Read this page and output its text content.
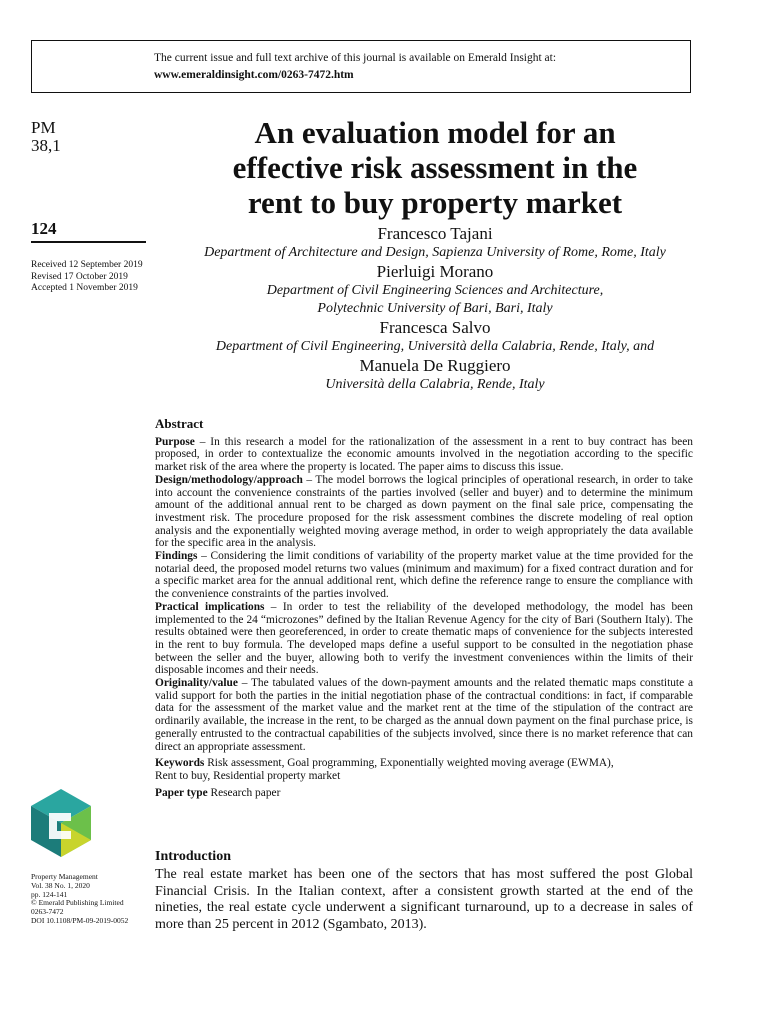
The current issue and full text archive of this journal is available on Emerald Insight at:
www.emeraldinsight.com/0263-7472.htm
PM
38,1
124
Received 12 September 2019
Revised 17 October 2019
Accepted 1 November 2019
An evaluation model for an
effective risk assessment in the
rent to buy property market
Francesco Tajani
Department of Architecture and Design, Sapienza University of Rome, Rome, Italy
Pierluigi Morano
Department of Civil Engineering Sciences and Architecture,
Polytechnic University of Bari, Bari, Italy
Francesca Salvo
Department of Civil Engineering, Università della Calabria, Rende, Italy, and
Manuela De Ruggiero
Università della Calabria, Rende, Italy
Abstract

Purpose – In this research a model for the rationalization of the assessment in a rent to buy contract has been proposed, in order to contextualize the economic amounts involved in the negotiation according to the specific market risk of the area where the property is located. The paper aims to discuss this issue.

Design/methodology/approach – The model borrows the logical principles of operational research, in order to take into account the convenience constraints of the parties involved (seller and buyer) and to determine the minimum amount of the additional annual rent to be charged as down payment on the final sale price, compensating the investment risk. The procedure proposed for the risk assessment combines the discrete modeling of real option analysis and the exponentially weighted moving average method, in order to weigh appropriately the data available for the specific area in the analysis.

Findings – Considering the limit conditions of variability of the property market value at the time provided for the notarial deed, the proposed model returns two values (minimum and maximum) for a fixed contract duration and for a specific market area for the annual additional rent, which define the reference range to ensure the compliance with the convenience constraints of the parties involved.

Practical implications – In order to test the reliability of the developed methodology, the model has been implemented to the 24 “microzones” defined by the Italian Revenue Agency for the city of Bari (Southern Italy). The results obtained were then georeferenced, in order to create thematic maps of convenience for the subjects interested in the rent to buy formula. The developed maps define a useful support to be consulted in the negotiation phase between the seller and the buyer, allowing both to verify the investment conveniences within the limits of their disposable incomes and their needs.

Originality/value – The tabulated values of the down-payment amounts and the related thematic maps constitute a valid support for both the parties in the initial negotiation phase of the contractual conditions: in fact, if comparable data for the assessment of the market value and the market rent at the time of the stipulation of the contract are ordinarily available, the increase in the rent, to be charged as the annual down payment on the final purchase price, is generally entrusted to the contractual capabilities of the subjects involved, since there is no market reference that can direct an appropriate assessment.

Keywords Risk assessment, Goal programming, Exponentially weighted moving average (EWMA),
Rent to buy, Residential property market

Paper type Research paper

Property Management
Vol. 38 No. 1, 2020
pp. 124-141
© Emerald Publishing Limited
0263-7472
DOI 10.1108/PM-09-2019-0052
Introduction

The real estate market has been one of the sectors that has most suffered the post Global Financial Crisis. In the Italian context, after a consistent growth started at the end of the nineties, the real estate cycle underwent a significant turnaround, up to a decrease in sales of more than 25 percent in 2012 (Sgambato, 2013).
